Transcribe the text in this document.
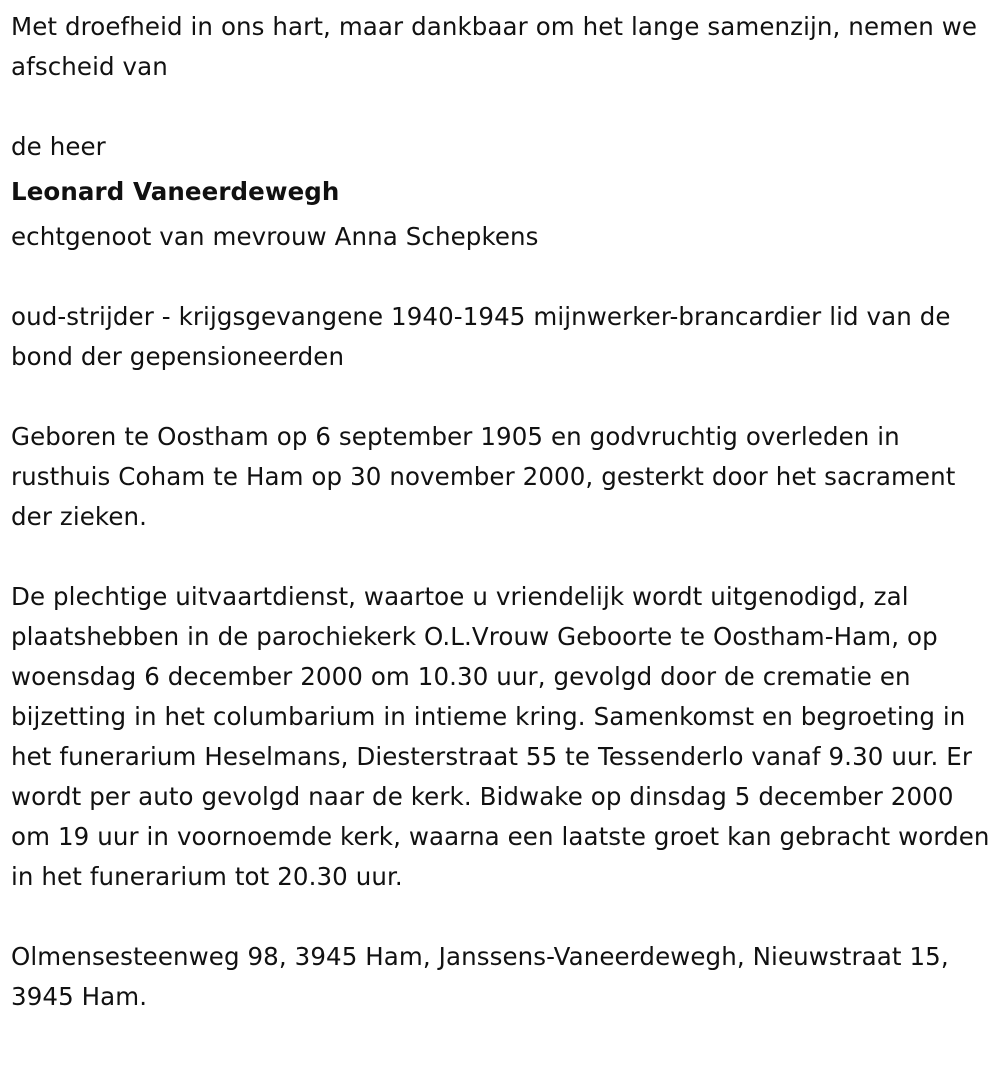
Met droefheid in ons hart, maar dankbaar om het lange samenzijn, nemen we afscheid van

de heer

Leonard Vaneerdewegh

echtgenoot van mevrouw Anna Schepkens

oud-strijder - krijgsgevangene 1940-1945 mijnwerker-brancardier lid van de bond der gepensioneerden

Geboren te Oostham op 6 september 1905 en godvruchtig overleden in rusthuis Coham te Ham op 30 november 2000, gesterkt door het sacrament der zieken.

De plechtige uitvaartdienst, waartoe u vriendelijk wordt uitgenodigd, zal plaatshebben in de parochiekerk O.L.Vrouw Geboorte te Oostham-Ham, op woensdag 6 december 2000 om 10.30 uur, gevolgd door de crematie en bijzetting in het columbarium in intieme kring. Samenkomst en begroeting in het funerarium Heselmans, Diesterstraat 55 te Tessenderlo vanaf 9.30 uur. Er wordt per auto gevolgd naar de kerk. Bidwake op dinsdag 5 december 2000 om 19 uur in voornoemde kerk, waarna een laatste groet kan gebracht worden in het funerarium tot 20.30 uur.

Olmensesteenweg 98, 3945 Ham, Janssens-Vaneerdewegh, Nieuwstraat 15, 3945 Ham.
